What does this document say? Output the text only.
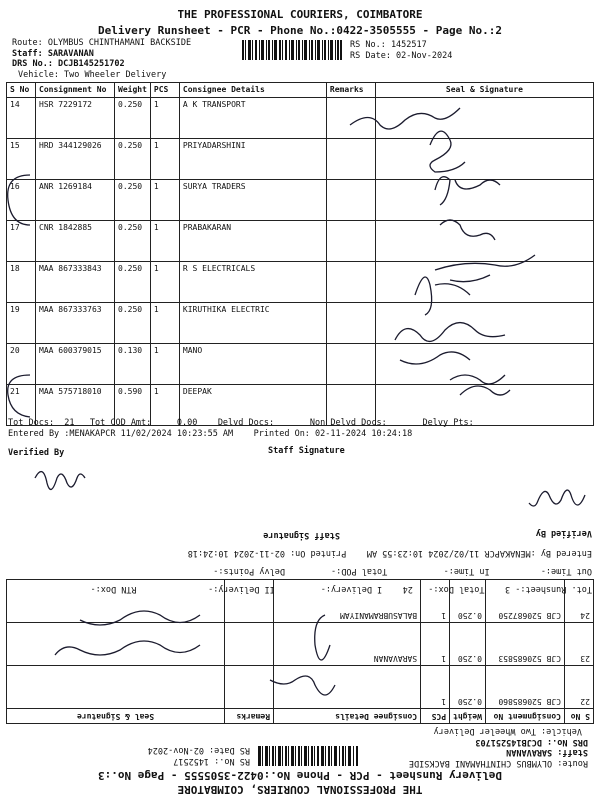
THE PROFESSIONAL COURIERS, COIMBATORE
Delivery Runsheet - PCR - Phone No.:0422-3505555 - Page No.:2
Route: OLYMBUS CHINTHAMANI BACKSIDE
Staff: SARAVANAN
DRS No.: DCJB145251702
Vehicle: Two Wheeler Delivery
RS No.: 1452517
RS Date: 02-Nov-2024
S No	Consignment No	Weight	PCS	Consignee Details	Remarks	Seal & Signature
14	HSR 7229172	0.250	1	A K TRANSPORT		
15	HRD 344129026	0.250	1	PRIYADARSHINI		
16	ANR 1269184	0.250	1	SURYA TRADERS		
17	CNR 1842885	0.250	1	PRABAKARAN		
18	MAA 867333843	0.250	1	R S ELECTRICALS		
19	MAA 867333763	0.250	1	KIRUTHIKA ELECTRIC		
20	MAA 600379015	0.130	1	MANO		
21	MAA 575718010	0.590	1	DEEPAK		
Tot Docs:  21   Tot COD Amt:     0.00    Delvd Docs:       Non Delvd Docs:       Delvy Pts:
Entered By :MENAKAPCR 11/02/2024 10:23:55 AM    Printed On: 02-11-2024 10:24:18
Verified By	Staff Signature
THE PROFESSIONAL COURIERS, COIMBATORE
Delivery Runsheet - PCR - Phone No.:0422-3505555 - Page No.:3
Route: OLYMBUS CHINTHAMANI BACKSIDE
Staff: SARAVANAN
DRS No.: DCJB145251703
Vehicle: Two Wheeler Delivery
RS No.: 1452517
RS Date: 02-Nov-2024
S No	Consignment No	Weight	PCS	Consignee Details	Remarks	Seal & Signature
22	CJB 520685860	0.250	1			
23	CJB 520685853	0.250	1	SARAVANAN		
24	CJB 520687250	0.250	1	BALASUBRAMANIYAM		
Tot. Runsheet:- 3    Total Dox:-   24    I Delivery:-         II Delivery:-              RTN Dox:-
Out Time:-          In Time:-           Total POD:-         Delvy Points:-
Entered By :MENAKAPCR 11/02/2024 10:23:55 AM    Printed On: 02-11-2024 10:24:18
Verified By
Staff Signature
